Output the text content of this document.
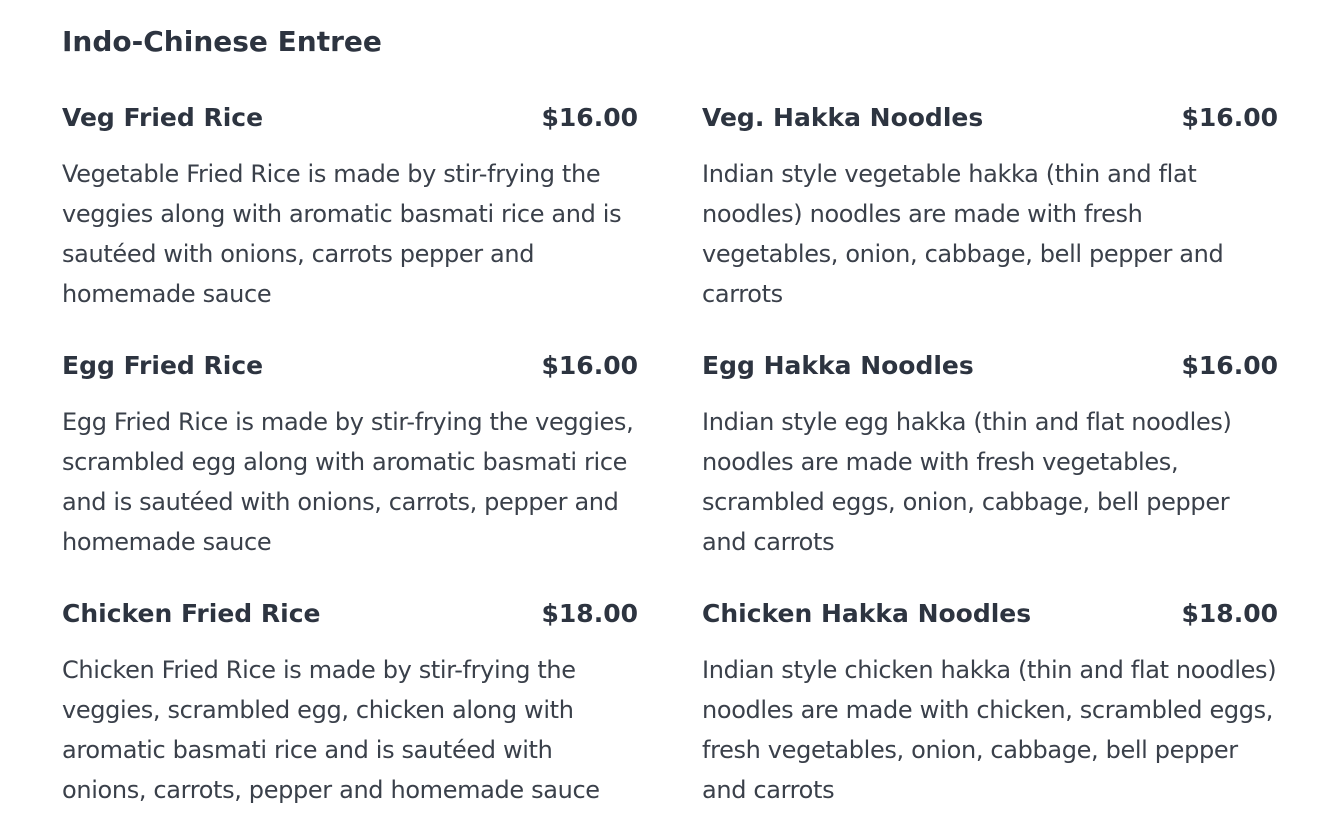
Indo-Chinese Entree
Veg Fried Rice	$16.00

Vegetable Fried Rice is made by stir-frying the veggies along with aromatic basmati rice and is sautéed with onions, carrots pepper and homemade sauce

Veg. Hakka Noodles	$16.00

Indian style vegetable hakka (thin and flat noodles) noodles are made with fresh vegetables, onion, cabbage, bell pepper and carrots

Egg Fried Rice	$16.00

Egg Fried Rice is made by stir-frying the veggies, scrambled egg along with aromatic basmati rice and is sautéed with onions, carrots, pepper and homemade sauce

Egg Hakka Noodles	$16.00

Indian style egg hakka (thin and flat noodles) noodles are made with fresh vegetables, scrambled eggs, onion, cabbage, bell pepper and carrots

Chicken Fried Rice	$18.00

Chicken Fried Rice is made by stir-frying the veggies, scrambled egg, chicken along with aromatic basmati rice and is sautéed with onions, carrots, pepper and homemade sauce

Chicken Hakka Noodles	$18.00

Indian style chicken hakka (thin and flat noodles) noodles are made with chicken, scrambled eggs, fresh vegetables, onion, cabbage, bell pepper and carrots
